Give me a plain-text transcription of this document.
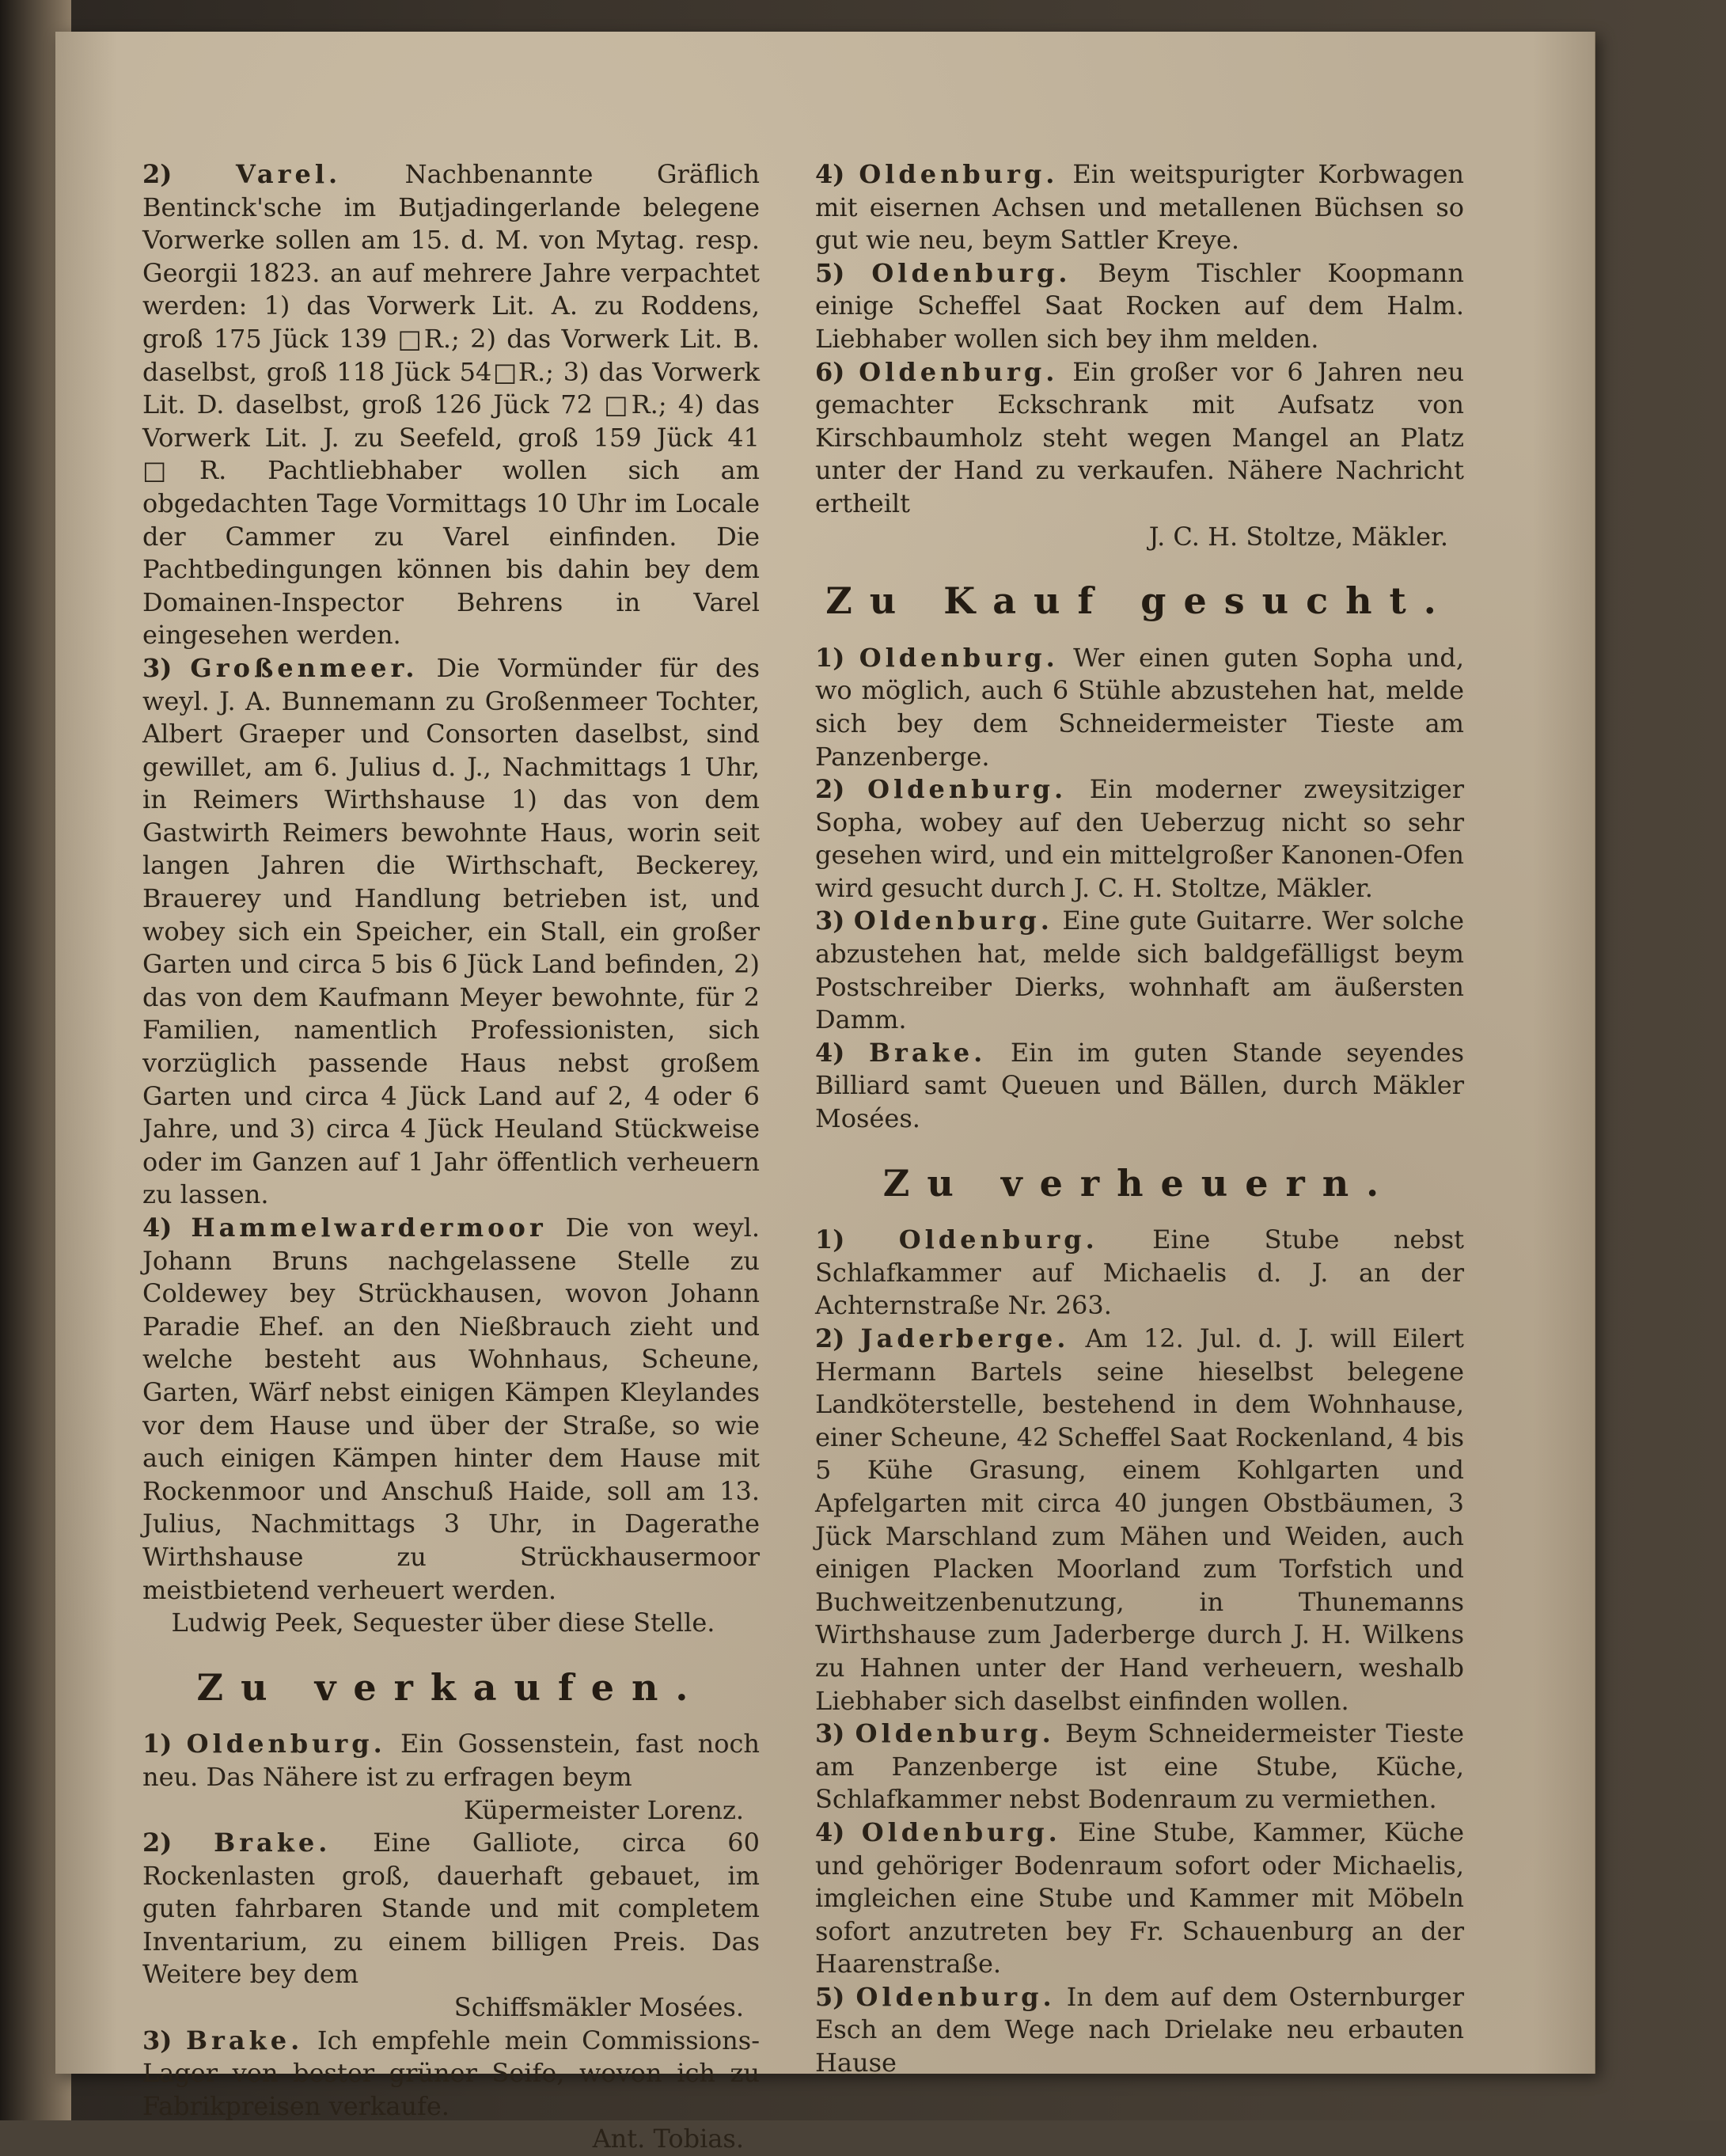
2)	Varel.	Nachbenannte Gräflich Bentinck'sche im Butjadingerlande belegene Vorwerke sollen am 15. d. M. von Mytag. resp. Georgii 1823. an auf mehrere Jahre verpachtet werden: 1) das Vorwerk Lit. A. zu Roddens, groß 175 Jück 139 □R.; 2) das Vorwerk Lit. B. daselbst, groß 118 Jück 54□R.; 3) das Vorwerk Lit. D. daselbst, groß 126 Jück 72 □R.; 4) das Vorwerk Lit. J. zu Seefeld, groß 159 Jück 41 □R. Pachtliebhaber wollen sich am obgedachten Tage Vormittags 10 Uhr im Locale der Cammer zu Varel einfinden. Die Pachtbedingungen können bis dahin bey dem Domainen-Inspector Behrens in Varel eingesehen werden.

3) Großenmeer. Die Vormünder für des weyl. J. A. Bunnemann zu Großenmeer Tochter, Albert Graeper und Consorten daselbst, sind gewillet, am 6. Julius d. J., Nachmittags 1 Uhr, in Reimers Wirthshause 1) das von dem Gastwirth Reimers bewohnte Haus, worin seit langen Jahren die Wirthschaft, Beckerey, Brauerey und Handlung betrieben ist, und wobey sich ein Speicher, ein Stall, ein großer Garten und circa 5 bis 6 Jück Land befinden, 2) das von dem Kaufmann Meyer bewohnte, für 2 Familien, namentlich Professionisten, sich vorzüglich passende Haus nebst großem Garten und circa 4 Jück Land auf 2, 4 oder 6 Jahre, und 3) circa 4 Jück Heuland Stückweise oder im Ganzen auf 1 Jahr öffentlich verheuern zu lassen.

4) Hammelwardermoor Die von weyl. Johann Bruns nachgelassene Stelle zu Coldewey bey Strückhausen, wovon Johann Paradie Ehef. an den Nießbrauch zieht und welche besteht aus Wohnhaus, Scheune, Garten, Wärf nebst einigen Kämpen Kleylandes vor dem Hause und über der Straße, so wie auch einigen Kämpen hinter dem Hause mit Rockenmoor und Anschuß Haide, soll am 13. Julius, Nachmittags 3 Uhr, in Dagerathe Wirthshause zu Strückhausermoor meistbietend verheuert werden.

Ludwig Peek, Sequester über diese Stelle.

Zu verkaufen.

1) Oldenburg. Ein Gossenstein, fast noch neu. Das Nähere ist zu erfragen beym

Küpermeister Lorenz.

2) Brake. Eine Galliote, circa 60 Rockenlasten groß, dauerhaft gebauet, im guten fahrbaren Stande und mit completem Inventarium, zu einem billigen Preis. Das Weitere bey dem

Schiffsmäkler Mosées.

3) Brake. Ich empfehle mein Commissions-Lager von bester grüner Seife, wovon ich zu Fabrikpreisen verkaufe.

Ant. Tobias.

4) Oldenburg. Ein weitspurigter Korbwagen mit eisernen Achsen und metallenen Büchsen so gut wie neu, beym Sattler Kreye.

5) Oldenburg. Beym Tischler Koopmann einige Scheffel Saat Rocken auf dem Halm. Liebhaber wollen sich bey ihm melden.

6) Oldenburg. Ein großer vor 6 Jahren neu gemachter Eckschrank mit Aufsatz von Kirschbaumholz steht wegen Mangel an Platz unter der Hand zu verkaufen. Nähere Nachricht ertheilt

J. C. H. Stoltze, Mäkler.

Zu Kauf gesucht.

1) Oldenburg. Wer einen guten Sopha und, wo möglich, auch 6 Stühle abzustehen hat, melde sich bey dem Schneidermeister Tieste am Panzenberge.

2) Oldenburg. Ein moderner zweysitziger Sopha, wobey auf den Ueberzug nicht so sehr gesehen wird, und ein mittelgroßer Kanonen-Ofen wird gesucht durch J. C. H. Stoltze, Mäkler.

3) Oldenburg. Eine gute Guitarre. Wer solche abzustehen hat, melde sich baldgefälligst beym Postschreiber Dierks, wohnhaft am äußersten Damm.

4) Brake. Ein im guten Stande seyendes Billiard samt Queuen und Bällen, durch Mäkler Mosées.

Zu verheuern.

1) Oldenburg. Eine Stube nebst Schlafkammer auf Michaelis d. J. an der Achternstraße Nr. 263.

2) Jaderberge. Am 12. Jul. d. J. will Eilert Hermann Bartels seine hieselbst belegene Landköterstelle, bestehend in dem Wohnhause, einer Scheune, 42 Scheffel Saat Rockenland, 4 bis 5 Kühe Grasung, einem Kohlgarten und Apfelgarten mit circa 40 jungen Obstbäumen, 3 Jück Marschland zum Mähen und Weiden, auch einigen Placken Moorland zum Torfstich und Buchweitzenbenutzung, in Thunemanns Wirthshause zum Jaderberge durch J. H. Wilkens zu Hahnen unter der Hand verheuern, weshalb Liebhaber sich daselbst einfinden wollen.

3) Oldenburg. Beym Schneidermeister Tieste am Panzenberge ist eine Stube, Küche, Schlafkammer nebst Bodenraum zu vermiethen.

4) Oldenburg. Eine Stube, Kammer, Küche und gehöriger Bodenraum sofort oder Michaelis, imgleichen eine Stube und Kammer mit Möbeln sofort anzutreten bey Fr. Schauenburg an der Haarenstraße.

5) Oldenburg. In dem auf dem Osternburger Esch an dem Wege nach Drielake neu erbauten Hause
